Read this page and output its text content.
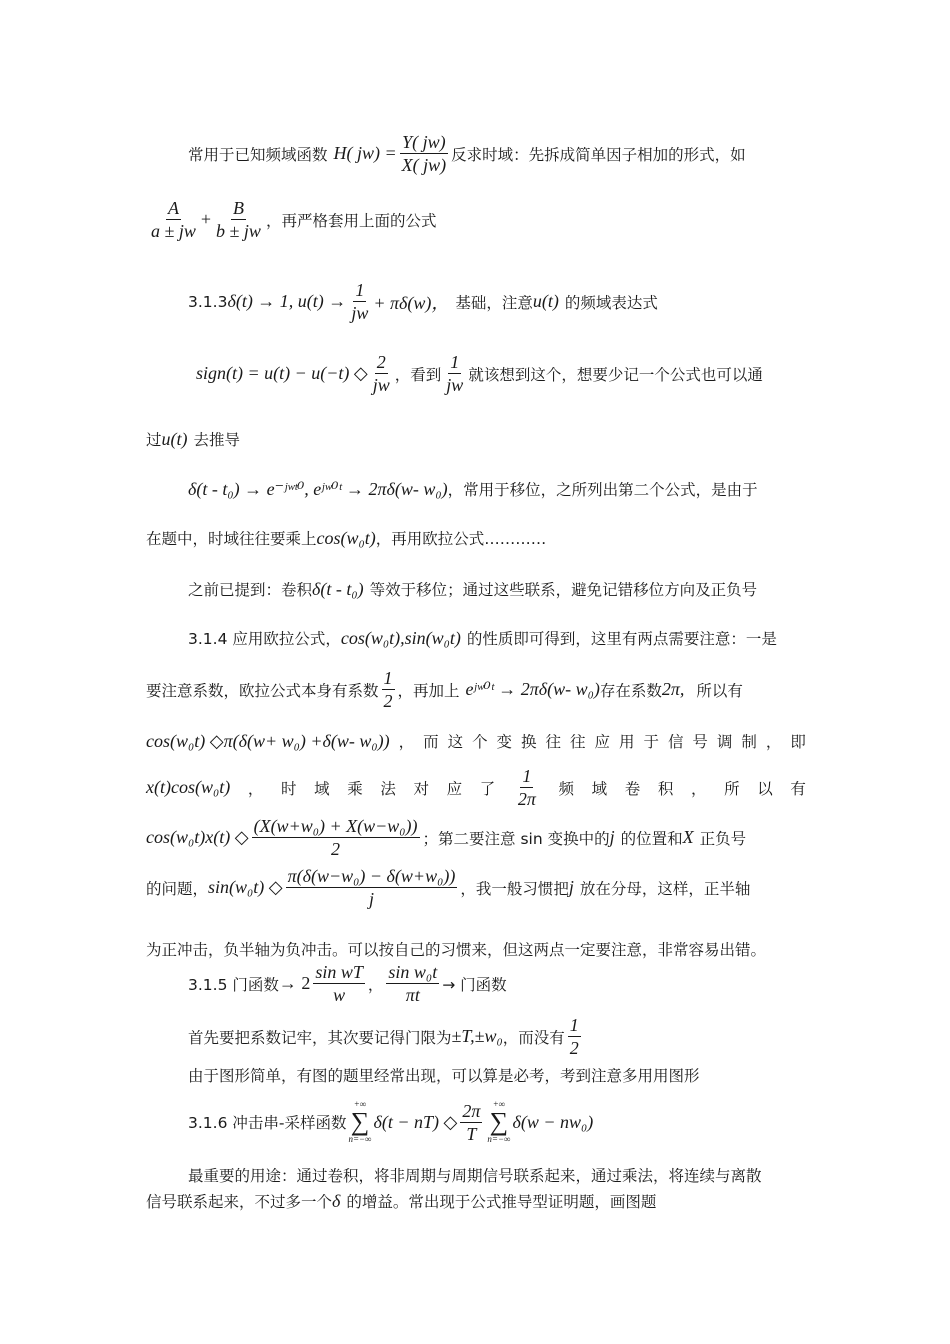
常用于已知频域函数 H( $jw) = \frac{Y( jw)}{X( jw)}$ 反求时域：先拆成简单因子相加的形式，如
$\frac{A}{a \pm jw} + \frac{B}{b \pm jw}$ ，再严格套用上面的公式
3.1.3 δ(t) → 1, $u(t) \to \frac{1}{jw} + \pi\delta(w)$， 基础，注意 u(t) 的频域表达式
sign(t) = u(t) − u(−t) ◇ $\frac{2}{jw}$ ，看到 $\frac{1}{jw}$ 就该想到这个，想要少记一个公式也可以通
过 u(t) 去推导
δ(t - t₀) → e⁻ʲʷᵗ⁰, eʲʷ⁰ᵗ → 2πδ(w- w₀) ，常用于移位，之所列出第二个公式，是由于
在题中，时域往往要乘上 cos(w₀t) ，再用欧拉公式…………
之前已提到：卷积 δ(t - t₀) 等效于移位；通过这些联系，避免记错移位方向及正负号
3.1.4 应用欧拉公式， cos(w₀t),sin(w₀t) 的性质即可得到，这里有两点需要注意：一是
要注意系数，欧拉公式本身有系数 $\frac{1}{2}$ ，再加上 eʲʷ⁰ᵗ → 2πδ(w- w₀) 存在系数 2π, 所以有
cos(w₀t) ◇π(δ(w+ w₀) +δ(w- w₀)) ， 而 这 个 变 换 往 往 应 用 于 信 号 调 制 ， 即
x(t)cos(w₀t) ， 时 域 乘 法 对 应 了 $\frac{1}{2\pi}$ 频 域 卷 积 ， 所 以 有
cos(w₀t)x(t) ◇ $\frac{\text{(X(w+w₀) + X(w−w₀))}}{2}$ ；第二要注意 sin 变换中的 j 的位置和 X 正负号
的问题， sin(w₀t) ◇ $\frac{\text{π(δ(w−w₀) − δ(w+w₀))}}{j}$ ，我一般习惯把 j 放在分母，这样，正半轴
为正冲击，负半轴为负冲击。可以按自己的习惯来，但这两点一定要注意，非常容易出错。
3.1.5 门函数 → $2 \frac{\text{sin wT}}{w}$ ， $\frac{\text{sin w₀t}}{\pi t}$ → 门函数
首先要把系数记牢，其次要记得门限为 ±T,±w₀ ，而没有 $\frac{1}{2}$
由于图形简单，有图的题里经常出现，可以算是必考，考到注意多用用图形
3.1.6 冲击串-采样函数
+∞
∑
n=−∞
δ(t − nT) ◇ $\frac{2\pi}{T}$ +∞
∑
n=−∞
δ(w − nw₀)
最重要的用途：通过卷积，将非周期与周期信号联系起来，通过乘法，将连续与离散
信号联系起来，不过多一个 δ 的增益。常出现于公式推导型证明题，画图题
